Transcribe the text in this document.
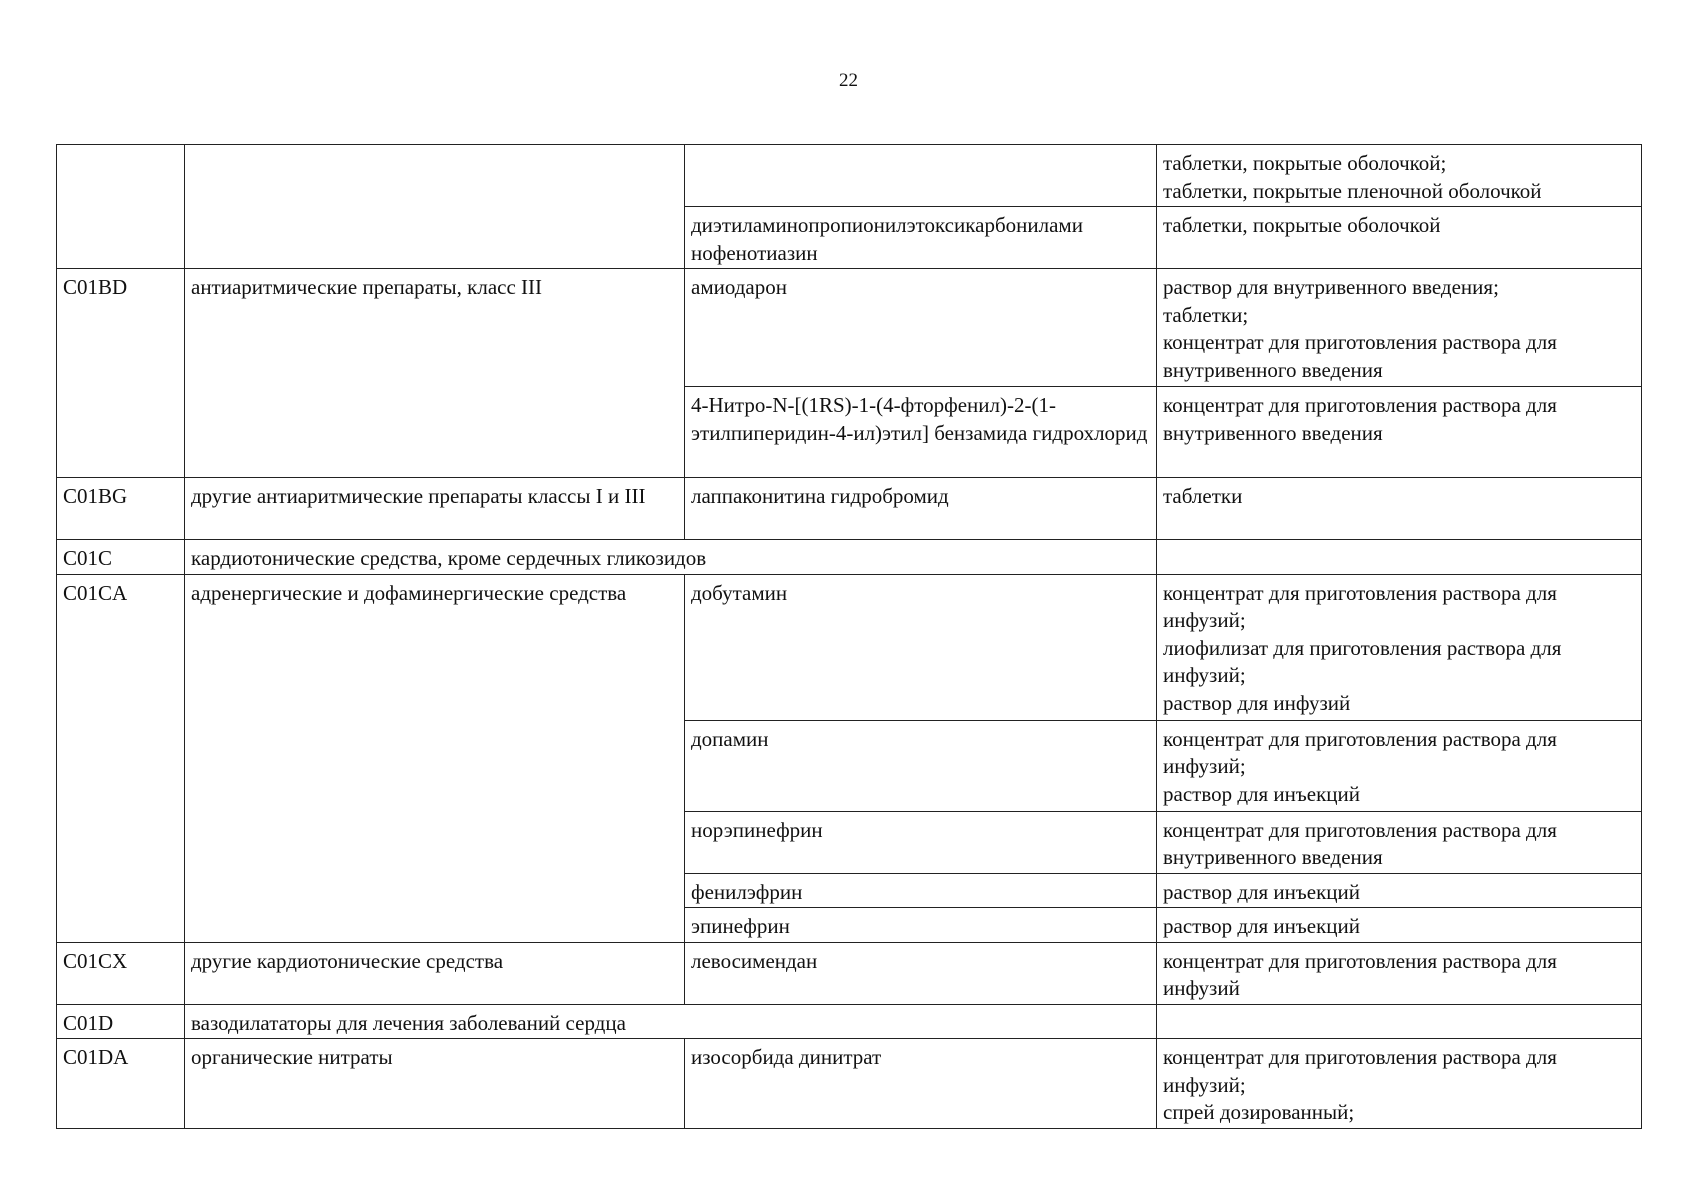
22
			таблетки, покрытые оболочкой;
таблетки, покрытые пленочной оболочкой
		диэтиламинопропионилэтоксикарбонилами
нофенотиазин	таблетки, покрытые оболочкой
C01BD	антиаритмические препараты, класс III	амиодарон	раствор для внутривенного введения;
таблетки;
концентрат для приготовления раствора для внутривенного введения
		4-Нитро-N-[(1RS)-1-(4-фторфенил)-2-(1-этилпиперидин-4-ил)этил] бензамида гидрохлорид	концентрат для приготовления раствора для внутривенного введения
C01BG	другие антиаритмические препараты классы I и III	лаппаконитина гидробромид	таблетки
C01C	кардиотонические средства, кроме сердечных гликозидов		
C01CA	адренергические и дофаминергические средства	добутамин	концентрат для приготовления раствора для инфузий;
лиофилизат для приготовления раствора для инфузий;
раствор для инфузий
		допамин	концентрат для приготовления раствора для инфузий;
раствор для инъекций
		норэпинефрин	концентрат для приготовления раствора для внутривенного введения
		фенилэфрин	раствор для инъекций
		эпинефрин	раствор для инъекций
C01CX	другие кардиотонические средства	левосимендан	концентрат для приготовления раствора для инфузий
C01D	вазодилататоры для лечения заболеваний сердца		
C01DA	органические нитраты	изосорбида динитрат	концентрат для приготовления раствора для инфузий;
спрей дозированный;
